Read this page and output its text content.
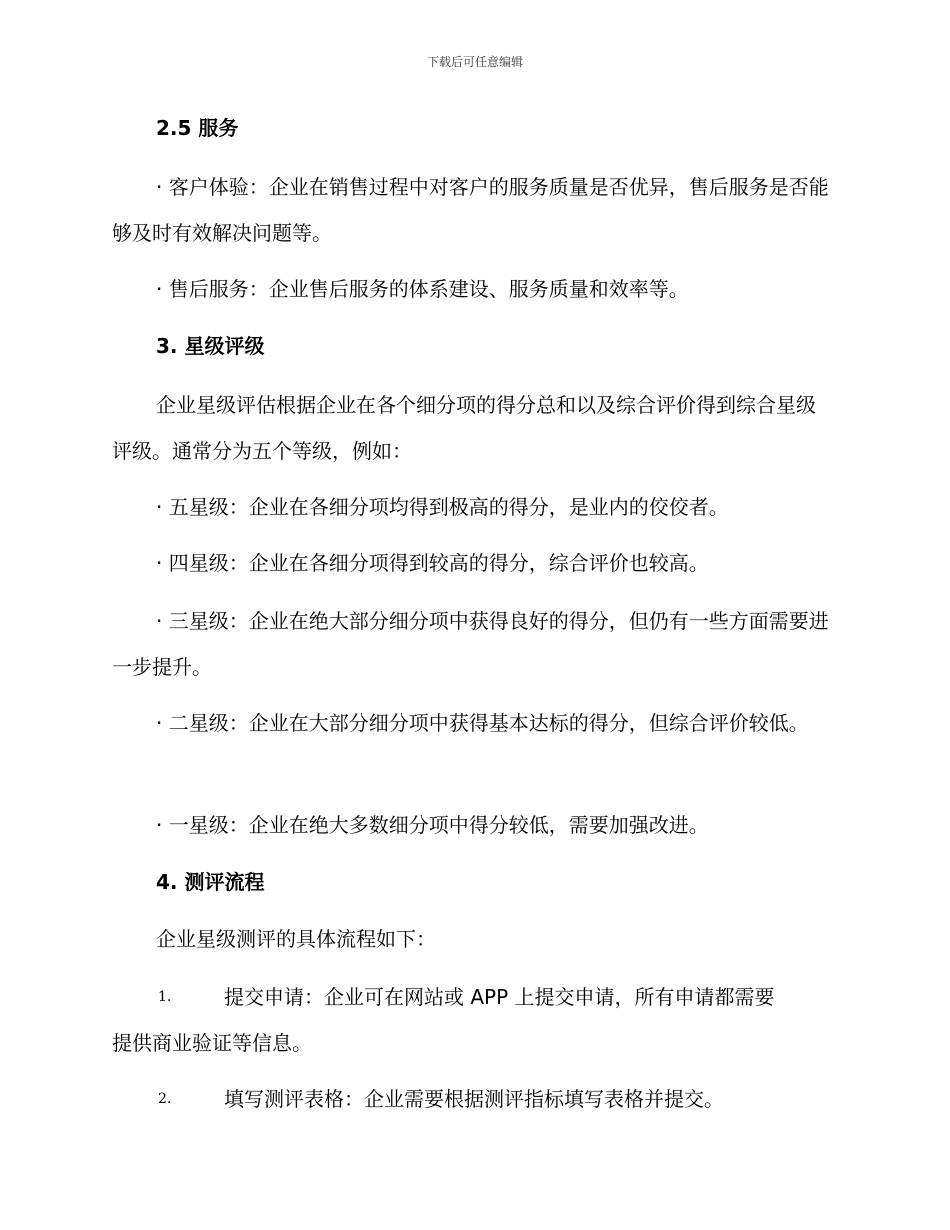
下载后可任意编辑
2.5 服务

· 客户体验：企业在销售过程中对客户的服务质量是否优异，售后服务是否能够及时有效解决问题等。

· 售后服务：企业售后服务的体系建设、服务质量和效率等。

3. 星级评级

企业星级评估根据企业在各个细分项的得分总和以及综合评价得到综合星级评级。通常分为五个等级，例如：

· 五星级：企业在各细分项均得到极高的得分，是业内的佼佼者。

· 四星级：企业在各细分项得到较高的得分，综合评价也较高。

· 三星级：企业在绝大部分细分项中获得良好的得分，但仍有一些方面需要进一步提升。

· 二星级：企业在大部分细分项中获得基本达标的得分，但综合评价较低。

· 一星级：企业在绝大多数细分项中得分较低，需要加强改进。

4. 测评流程

企业星级测评的具体流程如下：

1.	提交申请：企业可在网站或 APP 上提交申请，所有申请都需要
提供商业验证等信息。
2.	填写测评表格：企业需要根据测评指标填写表格并提交。
